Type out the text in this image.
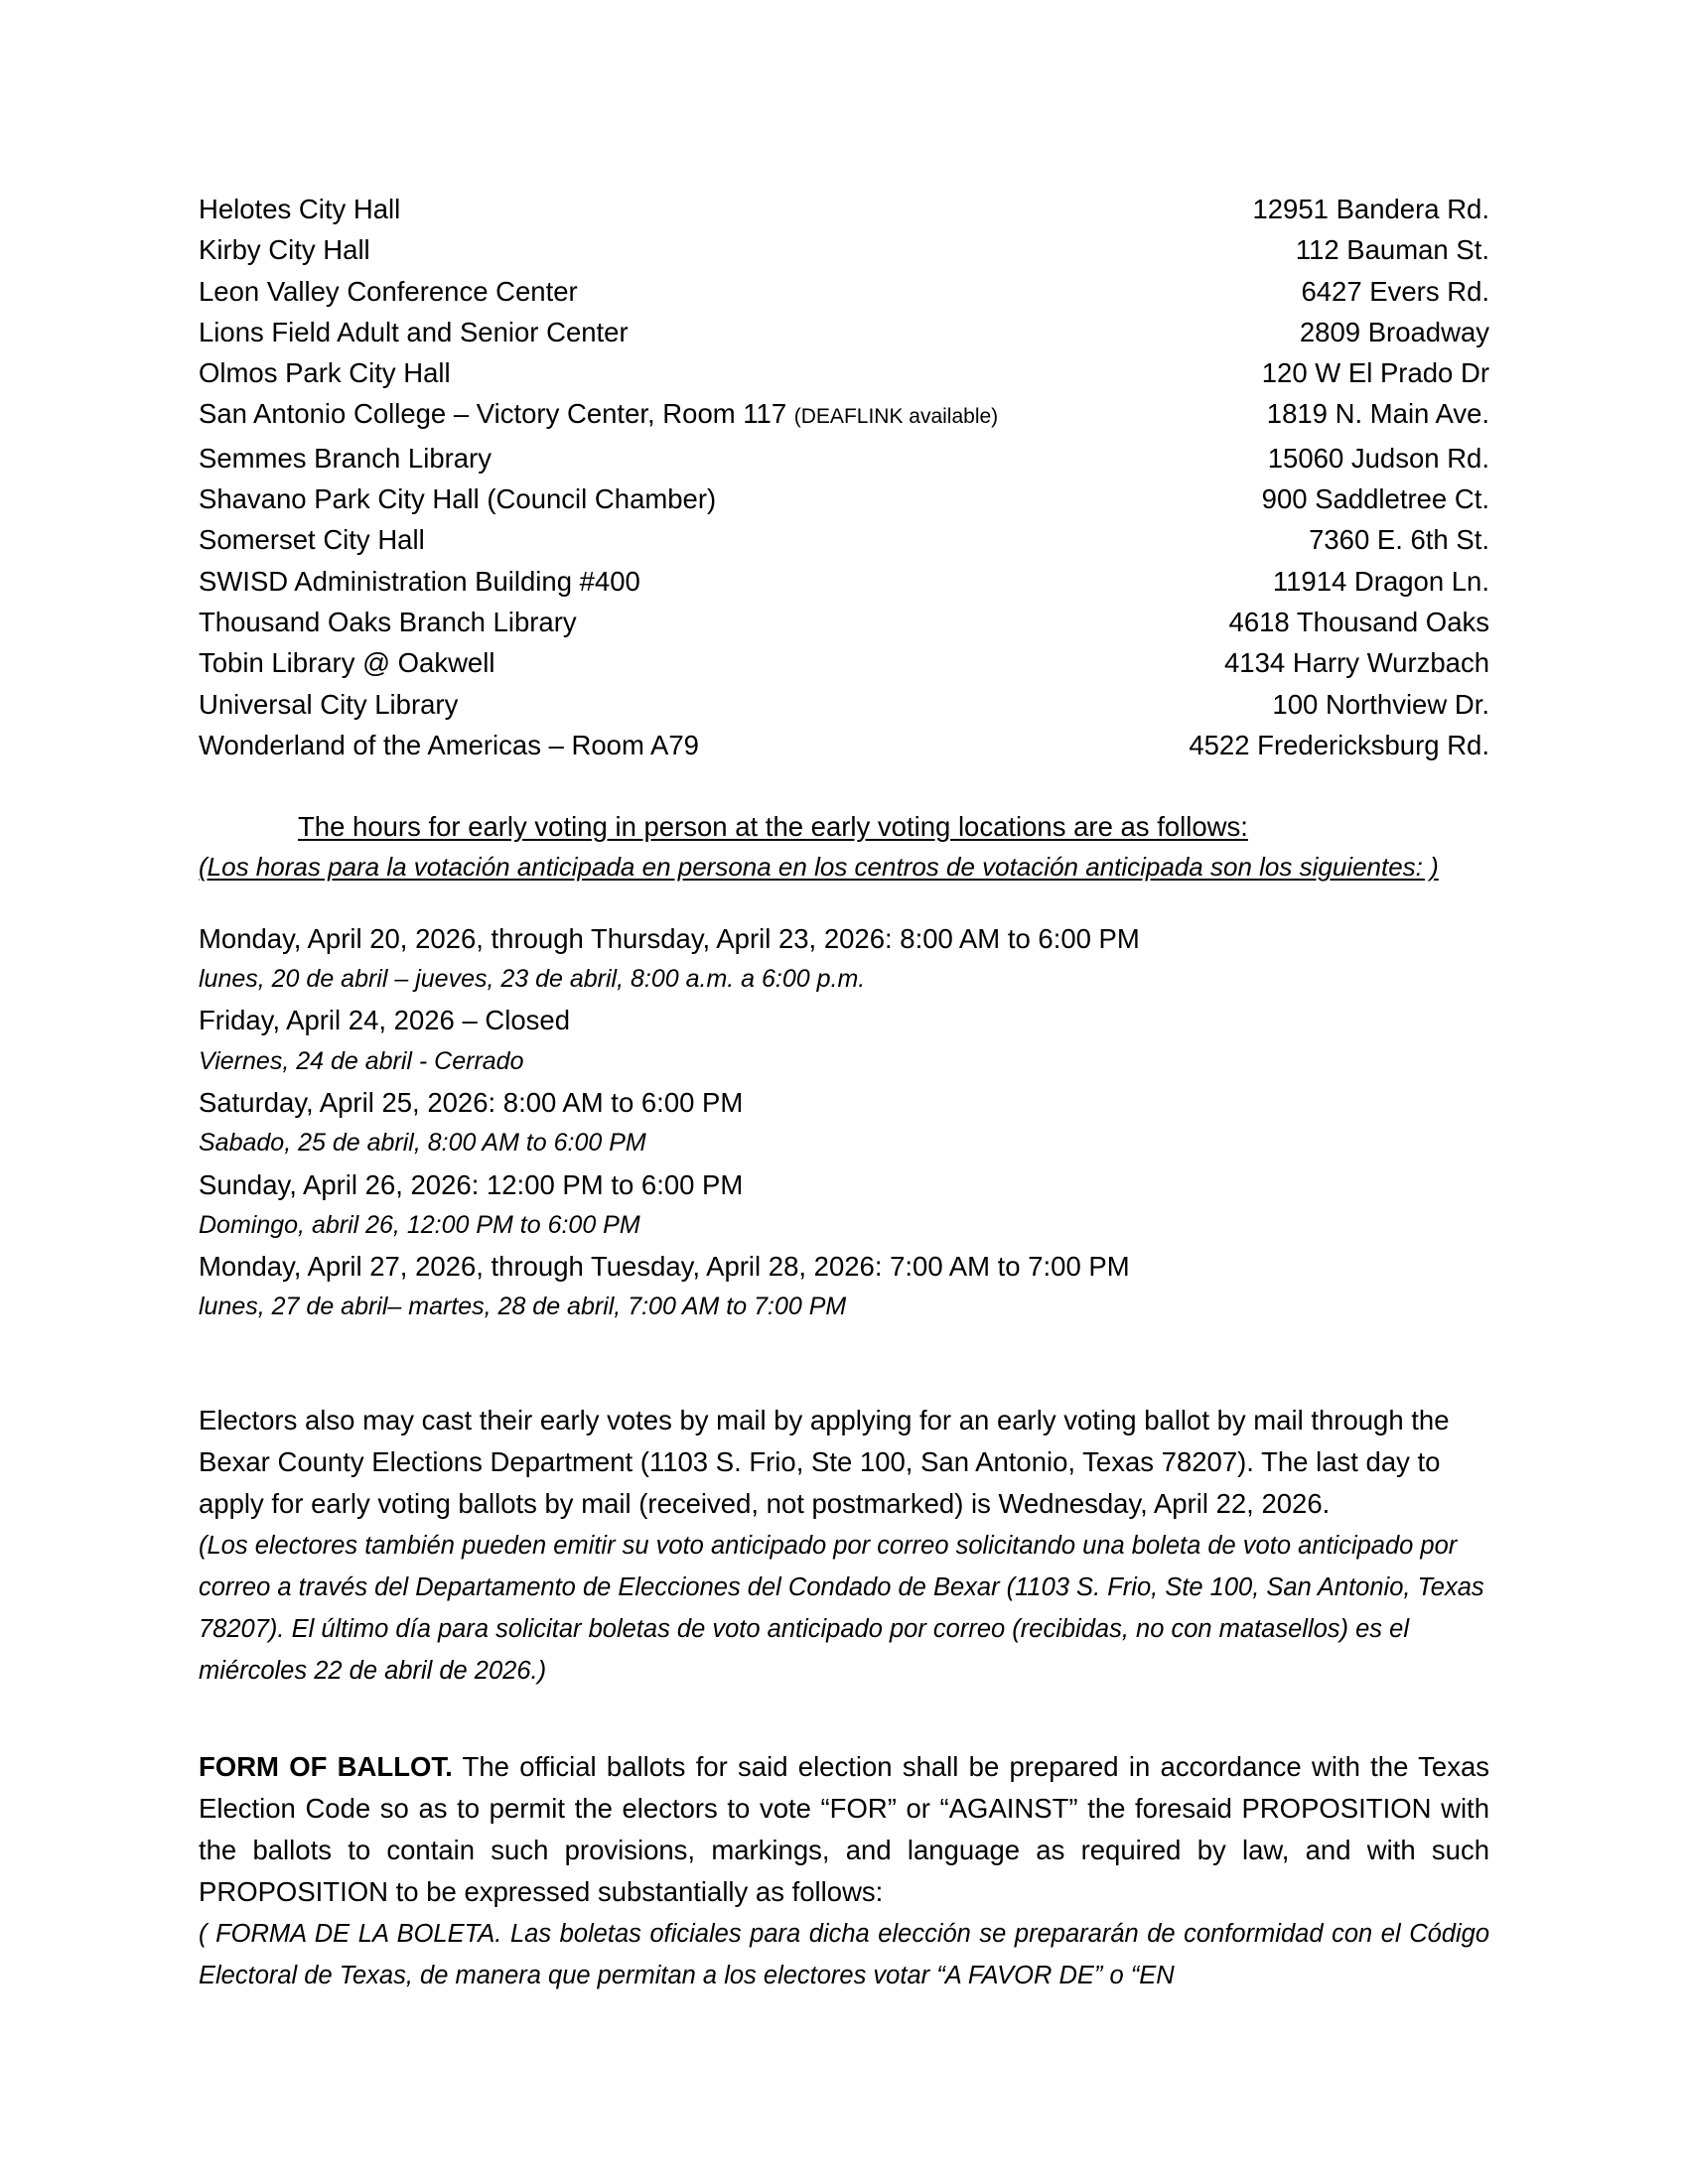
Helotes City Hall	12951 Bandera Rd.
Kirby City Hall	112 Bauman St.
Leon Valley Conference Center	6427 Evers Rd.
Lions Field Adult and Senior Center	2809 Broadway
Olmos Park City Hall	120 W El Prado Dr
San Antonio College – Victory Center, Room 117 (DEAFLINK available)	1819 N. Main Ave.
Semmes Branch Library	15060 Judson Rd.
Shavano Park City Hall (Council Chamber)	900 Saddletree Ct.
Somerset City Hall	7360 E. 6th St.
SWISD Administration Building #400	11914 Dragon Ln.
Thousand Oaks Branch Library	4618 Thousand Oaks
Tobin Library @ Oakwell	4134 Harry Wurzbach
Universal City Library	100 Northview Dr.
Wonderland of the Americas – Room A79	4522 Fredericksburg Rd.
The hours for early voting in person at the early voting locations are as follows:
(Los horas para la votación anticipada en persona en los centros de votación anticipada son los siguientes: )
Monday, April 20, 2026, through Thursday, April 23, 2026: 8:00 AM to 6:00 PM
lunes, 20 de abril – jueves, 23 de abril, 8:00 a.m. a 6:00 p.m.
Friday, April 24, 2026 – Closed
Viernes, 24 de abril - Cerrado
Saturday, April 25, 2026: 8:00 AM to 6:00 PM
Sabado, 25 de abril, 8:00 AM to 6:00 PM
Sunday, April 26, 2026: 12:00 PM to 6:00 PM
Domingo, abril 26, 12:00 PM to 6:00 PM
Monday, April 27, 2026, through Tuesday, April 28, 2026: 7:00 AM to 7:00 PM
lunes, 27 de abril– martes, 28 de abril, 7:00 AM to 7:00 PM
Electors also may cast their early votes by mail by applying for an early voting ballot by mail through the Bexar County Elections Department (1103 S. Frio, Ste 100, San Antonio, Texas 78207). The last day to apply for early voting ballots by mail (received, not postmarked) is Wednesday, April 22, 2026.
(Los electores también pueden emitir su voto anticipado por correo solicitando una boleta de voto anticipado por correo a través del Departamento de Elecciones del Condado de Bexar (1103 S. Frio, Ste 100, San Antonio, Texas 78207). El último día para solicitar boletas de voto anticipado por correo (recibidas, no con matasellos) es el miércoles 22 de abril de 2026.)
FORM OF BALLOT. The official ballots for said election shall be prepared in accordance with the Texas Election Code so as to permit the electors to vote “FOR” or “AGAINST” the foresaid PROPOSITION with the ballots to contain such provisions, markings, and language as required by law, and with such PROPOSITION to be expressed substantially as follows:
( FORMA DE LA BOLETA. Las boletas oficiales para dicha elección se prepararán de conformidad con el Código Electoral de Texas, de manera que permitan a los electores votar “A FAVOR DE” o “EN
